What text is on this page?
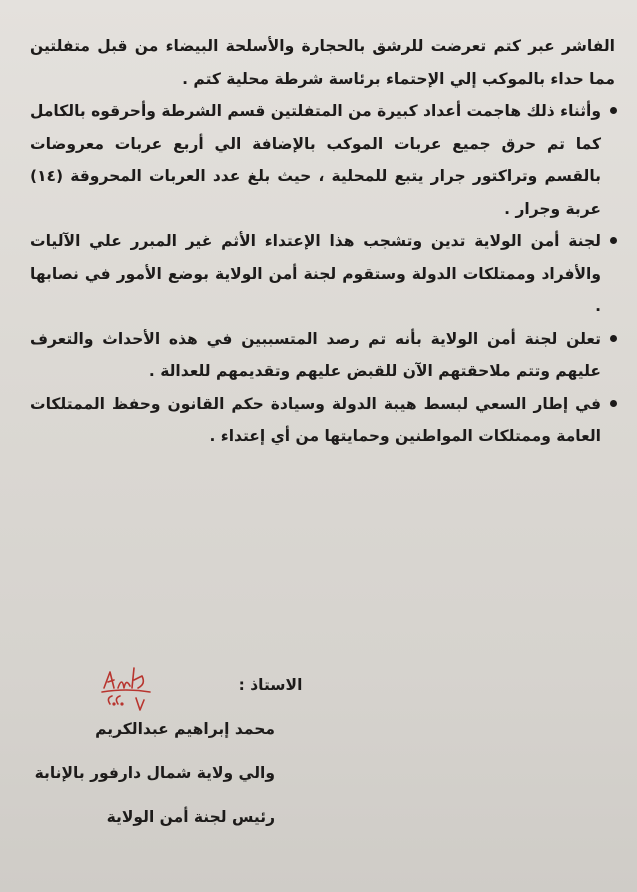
الفاشر عبر كتم تعرضت للرشق بالحجارة والأسلحة البيضاء من قبل متفلتين مما حداء بالموكب إلي الإحتماء برئاسة شرطة محلية كتم .

وأثناء ذلك هاجمت أعداد كبيرة من المتفلتين قسم الشرطة وأحرقوه بالكامل كما تم حرق جميع عربات الموكب بالإضافة الي أربع عربات معروضات بالقسم وتراكتور جرار يتبع للمحلية ، حيث بلغ عدد العربات المحروقة (١٤) عربة وجرار .

لجنة أمن الولاية تدين وتشجب هذا الإعتداء الأثم غير المبرر علي الآليات والأفراد وممتلكات الدولة وستقوم لجنة أمن الولاية بوضع الأمور في نصابها .

تعلن لجنة أمن الولاية بأنه تم رصد المتسببين في هذه الأحداث والتعرف عليهم وتتم ملاحقتهم الآن للقبض عليهم وتقديمهم للعدالة .

في إطار السعي لبسط هيبة الدولة وسيادة حكم القانون وحفظ الممتلكات العامة وممتلكات المواطنين وحمايتها من أي إعتداء .

الاستاذ :
محمد إبراهيم عبدالكريم
والي ولاية شمال دارفور بالإنابة
رئيس لجنة أمن الولاية
